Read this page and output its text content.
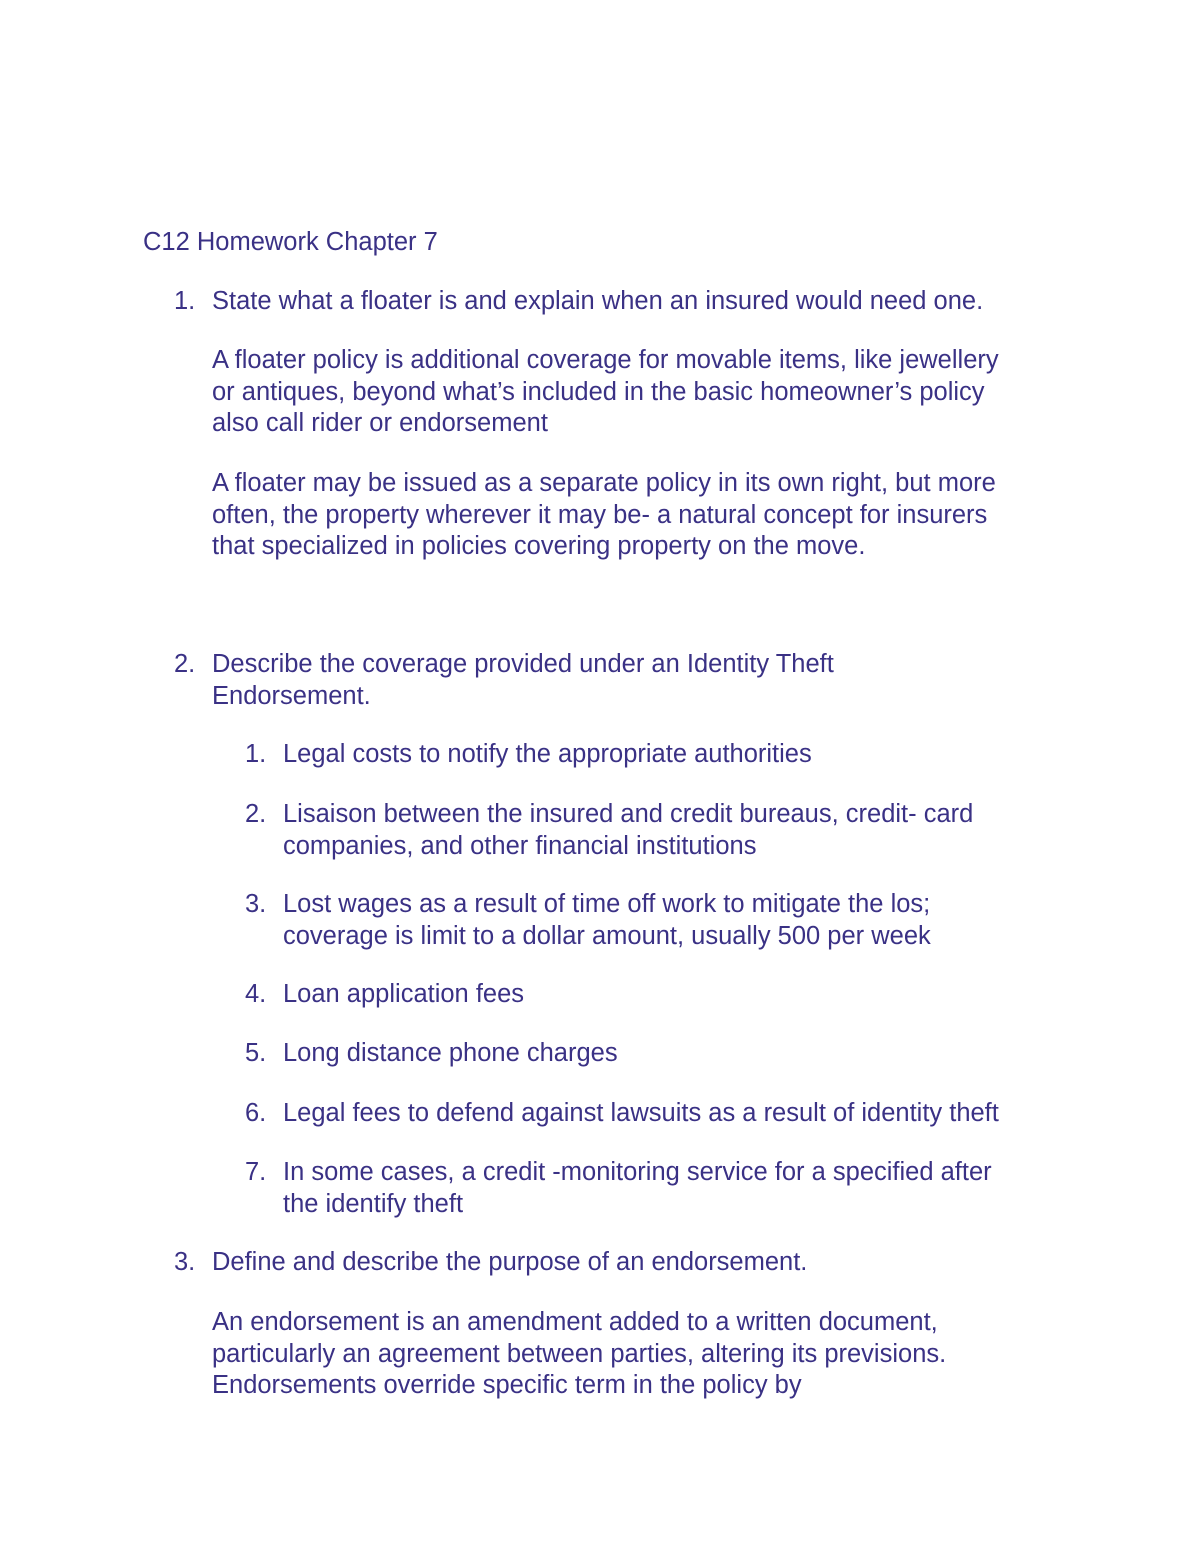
C12 Homework Chapter 7
1. State what a floater is and explain when an insured would need one.
A floater policy is additional coverage for movable items, like jewellery
or antiques, beyond what’s included in the basic homeowner’s policy
also call rider or endorsement
A floater may be issued as a separate policy in its own right, but more
often, the property wherever it may be- a natural concept for insurers
that specialized in policies covering property on the move.
2. Describe the coverage provided under an Identity Theft
Endorsement.
1. Legal costs to notify the appropriate authorities
2. Lisaison between the insured and credit bureaus, credit- card
companies, and other financial institutions
3. Lost wages as a result of time off work to mitigate the los;
coverage is limit to a dollar amount, usually 500 per week
4. Loan application fees
5. Long distance phone charges
6. Legal fees to defend against lawsuits as a result of identity theft
7. In some cases, a credit -monitoring service for a specified after
the identify theft
3. Define and describe the purpose of an endorsement.
An endorsement is an amendment added to a written document,
particularly an agreement between parties, altering its previsions.
Endorsements override specific term in the policy by
